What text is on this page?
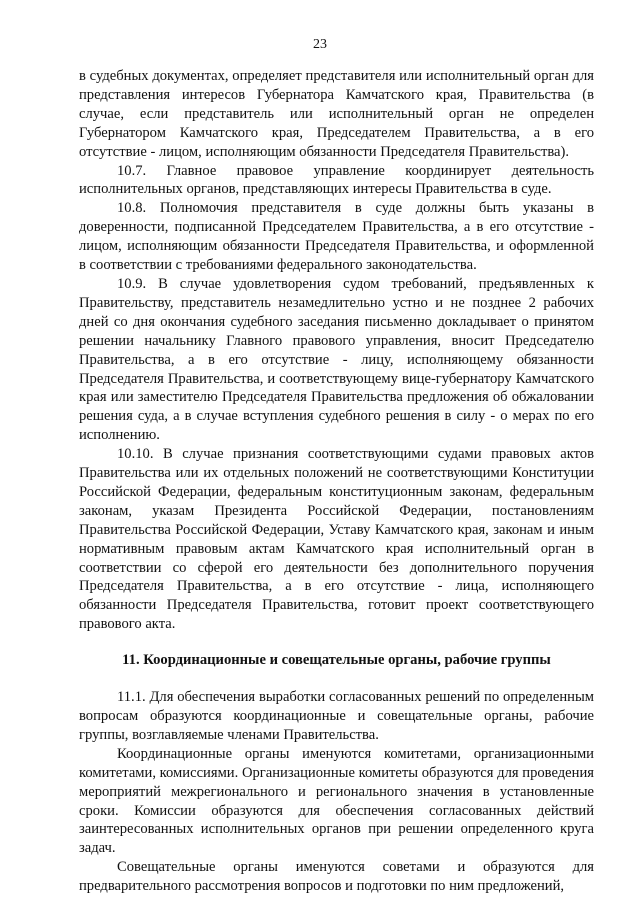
23

в судебных документах, определяет представителя или исполнительный орган для представления интересов Губернатора Камчатского края, Правительства (в случае, если представитель или исполнительный орган не определен Губернатором Камчатского края, Председателем Правительства, а в его отсутствие - лицом, исполняющим обязанности Председателя Правительства).

10.7. Главное правовое управление координирует деятельность исполнительных органов, представляющих интересы Правительства в суде.

10.8. Полномочия представителя в суде должны быть указаны в доверенности, подписанной Председателем Правительства, а в его отсутствие - лицом, исполняющим обязанности Председателя Правительства, и оформленной в соответствии с требованиями федерального законодательства.

10.9. В случае удовлетворения судом требований, предъявленных к Правительству, представитель незамедлительно устно и не позднее 2 рабочих дней со дня окончания судебного заседания письменно докладывает о принятом решении начальнику Главного правового управления, вносит Председателю Правительства, а в его отсутствие - лицу, исполняющему обязанности Председателя Правительства, и соответствующему вице-губернатору Камчатского края или заместителю Председателя Правительства предложения об обжаловании решения суда, а в случае вступления судебного решения в силу - о мерах по его исполнению.

10.10. В случае признания соответствующими судами правовых актов Правительства или их отдельных положений не соответствующими Конституции Российской Федерации, федеральным конституционным законам, федеральным законам, указам Президента Российской Федерации, постановлениям Правительства Российской Федерации, Уставу Камчатского края, законам и иным нормативным правовым актам Камчатского края исполнительный орган в соответствии со сферой его деятельности без дополнительного поручения Председателя Правительства, а в его отсутствие - лица, исполняющего обязанности Председателя Правительства, готовит проект соответствующего правового акта.

11. Координационные и совещательные органы, рабочие группы

11.1. Для обеспечения выработки согласованных решений по определенным вопросам образуются координационные и совещательные органы, рабочие группы, возглавляемые членами Правительства.

Координационные органы именуются комитетами, организационными комитетами, комиссиями. Организационные комитеты образуются для проведения мероприятий межрегионального и регионального значения в установленные сроки. Комиссии образуются для обеспечения согласованных действий заинтересованных исполнительных органов при решении определенного круга задач.

Совещательные органы именуются советами и образуются для предварительного рассмотрения вопросов и подготовки по ним предложений,
